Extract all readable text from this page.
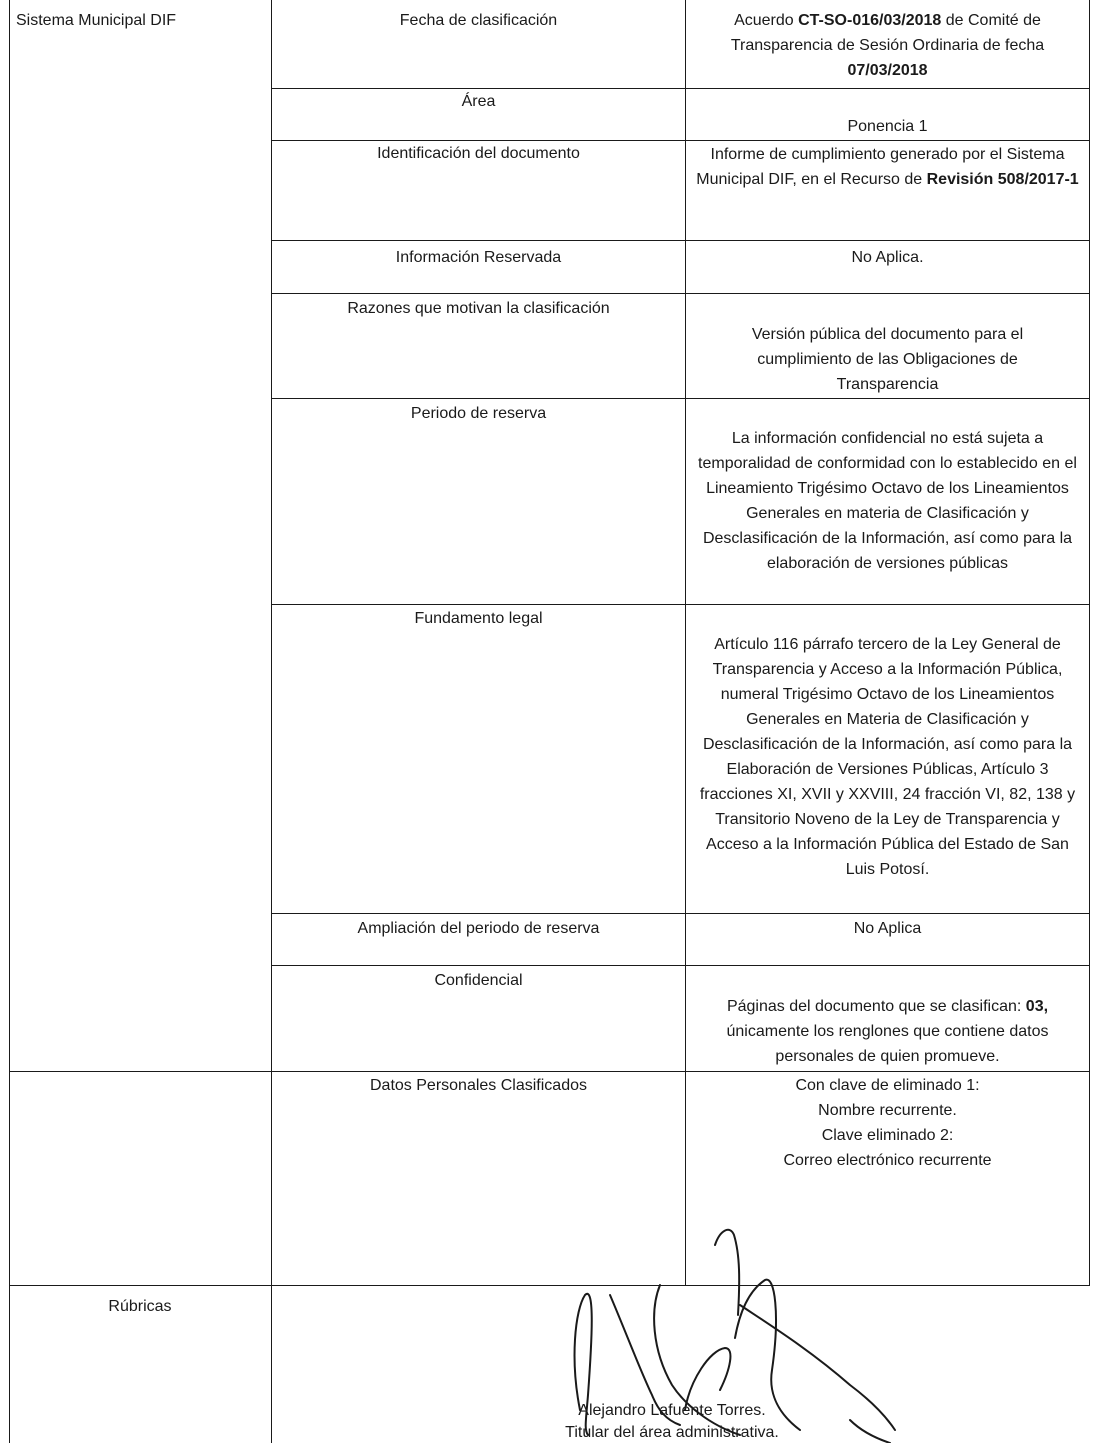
Sistema Municipal DIF
Rúbricas
Fecha de clasificación
Área
Identificación del documento
Información Reservada
Razones que motivan la clasificación
Periodo de reserva
Fundamento legal
Ampliación del periodo de reserva
Confidencial
Datos Personales Clasificados
Acuerdo CT-SO-016/03/2018 de Comité de Transparencia de Sesión Ordinaria de fecha 07/03/2018
Ponencia 1
Informe de cumplimiento generado por el Sistema Municipal DIF, en el Recurso de Revisión 508/2017-1
No Aplica.
Versión pública del documento para el cumplimiento de las Obligaciones de Transparencia
La información confidencial no está sujeta a temporalidad de conformidad con lo establecido en el Lineamiento Trigésimo Octavo de los Lineamientos Generales en materia de Clasificación y Desclasificación de la Información, así como para la elaboración de versiones públicas
Artículo 116 párrafo tercero de la Ley General de Transparencia y Acceso a la Información Pública, numeral Trigésimo Octavo de los Lineamientos Generales en Materia de Clasificación y Desclasificación de la Información, así como para la Elaboración de Versiones Públicas, Artículo 3 fracciones XI, XVII y XXVIII, 24 fracción VI, 82, 138 y Transitorio Noveno de la Ley de Transparencia y Acceso a la Información Pública del Estado de San Luis Potosí.
No Aplica
Páginas del documento que se clasifican: 03, únicamente los renglones que contiene datos personales de quien promueve.
Con clave de eliminado 1:
Nombre recurrente.
Clave eliminado 2:
Correo electrónico recurrente
Alejandro Lafuente Torres.
Titular del área administrativa.
